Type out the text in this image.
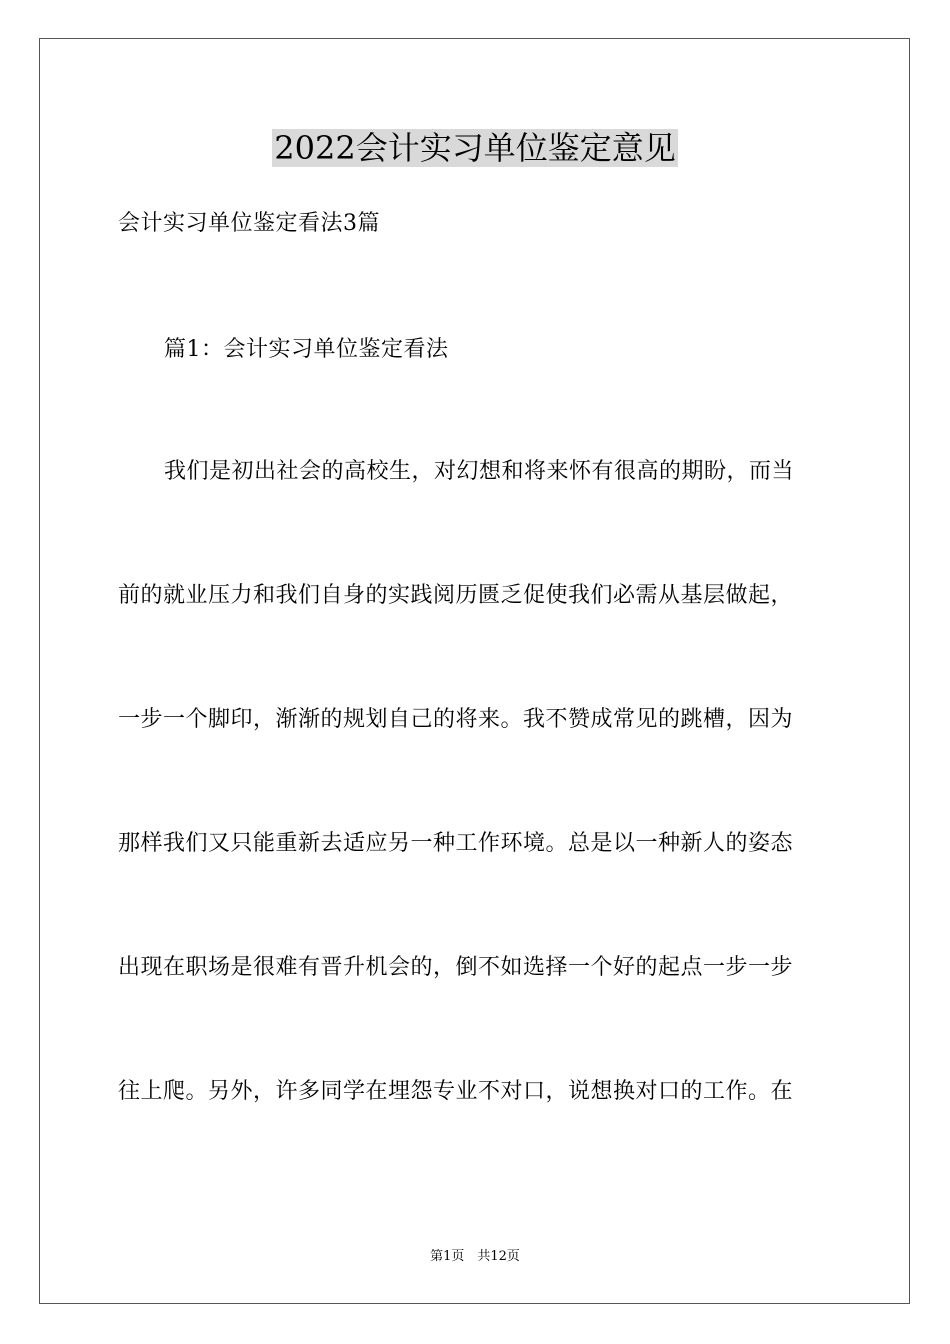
2022会计实习单位鉴定意见
会计实习单位鉴定看法3篇
篇1：会计实习单位鉴定看法
我们是初出社会的高校生，对幻想和将来怀有很高的期盼，而当
前的就业压力和我们自身的实践阅历匮乏促使我们必需从基层做起，
一步一个脚印，渐渐的规划自己的将来。我不赞成常见的跳槽，因为
那样我们又只能重新去适应另一种工作环境。总是以一种新人的姿态
出现在职场是很难有晋升机会的，倒不如选择一个好的起点一步一步
往上爬。另外，许多同学在埋怨专业不对口，说想换对口的工作。在
第1页　共12页
